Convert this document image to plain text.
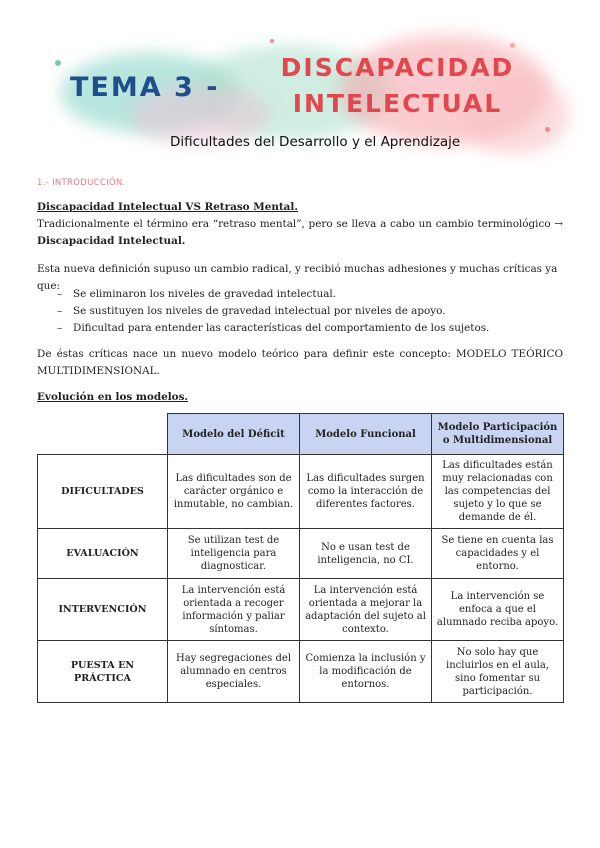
TEMA 3 -
DISCAPACIDAD
INTELECTUAL
Dificultades del Desarrollo y el Aprendizaje
1.- INTRODUCCIÓN.

Discapacidad Intelectual VS Retraso Mental.

Tradicionalmente el término era “retraso mental”, pero se lleva a cabo un cambio terminológico → Discapacidad Intelectual.

Esta nueva definición supuso un cambio radical, y recibió muchas adhesiones y muchas críticas ya que:

– Se eliminaron los niveles de gravedad intelectual.
– Se sustituyen los niveles de gravedad intelectual por niveles de apoyo.
– Dificultad para entender las características del comportamiento de los sujetos.

De éstas críticas nace un nuevo modelo teórico para definir este concepto: MODELO TEÓRICO MULTIDIMENSIONAL.

Evolución en los modelos.

	Modelo del Déficit	Modelo Funcional	Modelo Participación o Multidimensional
DIFICULTADES	Las dificultades son de carácter orgánico e inmutable, no cambian.	Las dificultades surgen como la interacción de diferentes factores.	Las dificultades están muy relacionadas con las competencias del sujeto y lo que se demande de él.
EVALUACIÓN	Se utilizan test de inteligencia para diagnosticar.	No e usan test de inteligencia, no CI.	Se tiene en cuenta las capacidades y el entorno.
INTERVENCIÓN	La intervención está orientada a recoger información y paliar síntomas.	La intervención está orientada a mejorar la adaptación del sujeto al contexto.	La intervención se enfoca a que el alumnado reciba apoyo.
PUESTA EN PRÁCTICA	Hay segregaciones del alumnado en centros especiales.	Comienza la inclusión y la modificación de entornos.	No solo hay que incluirlos en el aula, sino fomentar su participación.
